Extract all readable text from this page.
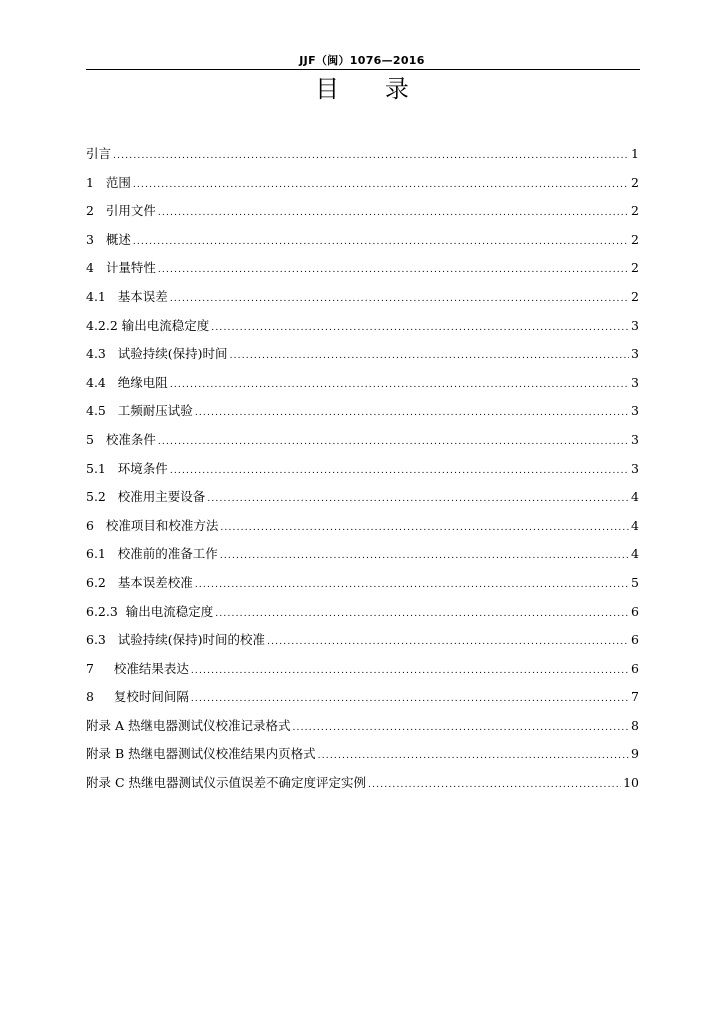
JJF（闽）1076—2016
目      录
引言 .....	1
1   范围 .....	2
2   引用文件 .....	2
3   概述 .....	2
4   计量特性 .....	2
4.1   基本误差 .....	2
4.2.2 输出电流稳定度 .....	3
4.3   试验持续(保持)时间 .....	3
4.4   绝缘电阻 .....	3
4.5   工频耐压试验 .....	3
5   校准条件 .....	3
5.1   环境条件 .....	3
5.2   校准用主要设备 .....	4
6   校准项目和校准方法 .....	4
6.1   校准前的准备工作 .....	4
6.2   基本误差校准 .....	5
6.2.3  输出电流稳定度 .....	6
6.3   试验持续(保持)时间的校准 .....	6
7     校准结果表达 .....	6
8     复校时间间隔 .....	7
附录 A 热继电器测试仪校准记录格式 .....	8
附录 B 热继电器测试仪校准结果内页格式 .....	9
附录 C 热继电器测试仪示值误差不确定度评定实例 .....	10
